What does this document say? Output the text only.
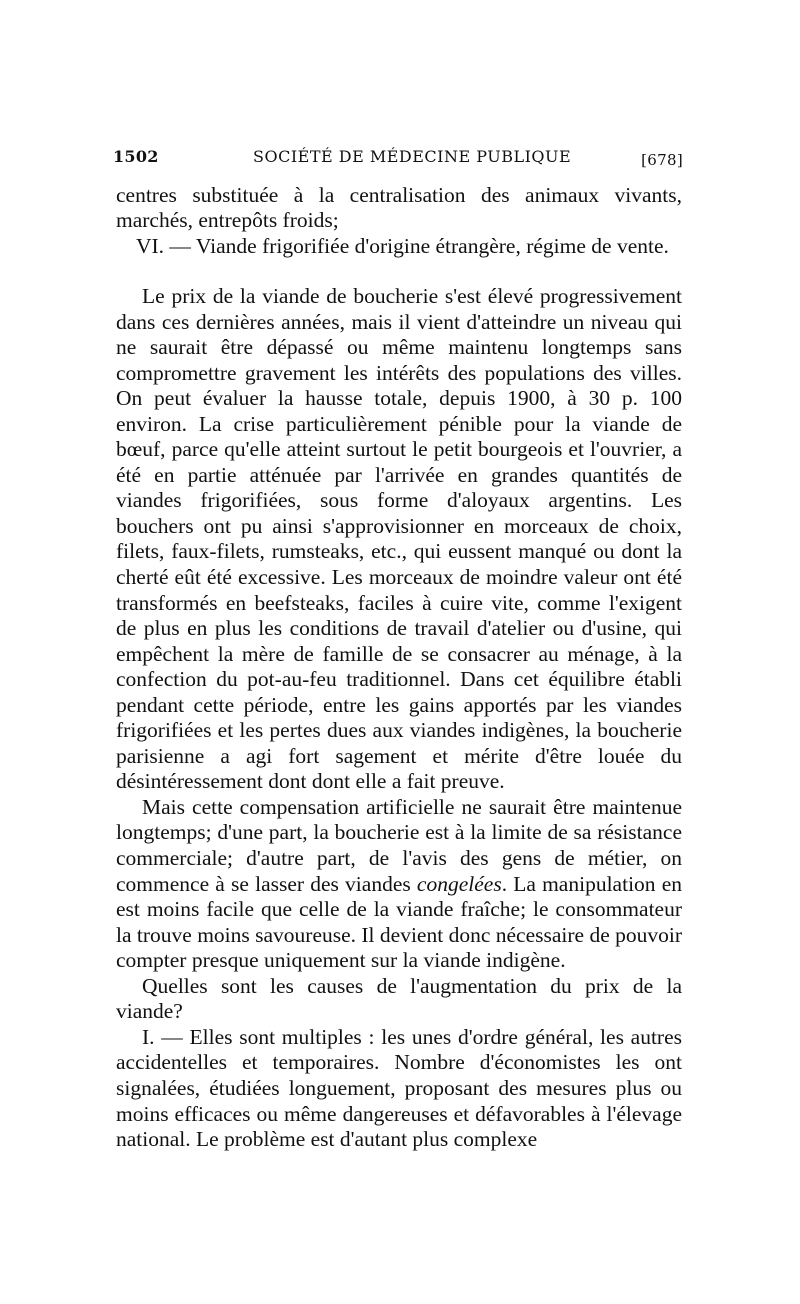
1502	SOCIÉTÉ DE MÉDECINE PUBLIQUE	[678]

centres substituée à la centralisation des animaux vivants, marchés, entrepôts froids;

VI. — Viande frigorifiée d'origine étrangère, régime de vente.

Le prix de la viande de boucherie s'est élevé progressivement dans ces dernières années, mais il vient d'atteindre un niveau qui ne saurait être dépassé ou même maintenu longtemps sans compromettre gravement les intérêts des populations des villes. On peut évaluer la hausse totale, depuis 1900, à 30 p. 100 environ. La crise particulièrement pénible pour la viande de bœuf, parce qu'elle atteint surtout le petit bourgeois et l'ouvrier, a été en partie atténuée par l'arrivée en grandes quantités de viandes frigorifiées, sous forme d'aloyaux argentins. Les bouchers ont pu ainsi s'approvisionner en morceaux de choix, filets, faux-filets, rumsteaks, etc., qui eussent manqué ou dont la cherté eût été excessive. Les morceaux de moindre valeur ont été transformés en beefsteaks, faciles à cuire vite, comme l'exigent de plus en plus les conditions de travail d'atelier ou d'usine, qui empêchent la mère de famille de se consacrer au ménage, à la confection du pot-au-feu traditionnel. Dans cet équilibre établi pendant cette période, entre les gains apportés par les viandes frigorifiées et les pertes dues aux viandes indigènes, la boucherie parisienne a agi fort sagement et mérite d'être louée du désintéressement dont dont elle a fait preuve.

Mais cette compensation artificielle ne saurait être maintenue longtemps; d'une part, la boucherie est à la limite de sa résistance commerciale; d'autre part, de l'avis des gens de métier, on commence à se lasser des viandes congelées. La manipulation en est moins facile que celle de la viande fraîche; le consommateur la trouve moins savoureuse. Il devient donc nécessaire de pouvoir compter presque uniquement sur la viande indigène.

Quelles sont les causes de l'augmentation du prix de la viande?

I. — Elles sont multiples : les unes d'ordre général, les autres accidentelles et temporaires. Nombre d'économistes les ont signalées, étudiées longuement, proposant des mesures plus ou moins efficaces ou même dangereuses et défavorables à l'élevage national. Le problème est d'autant plus complexe
